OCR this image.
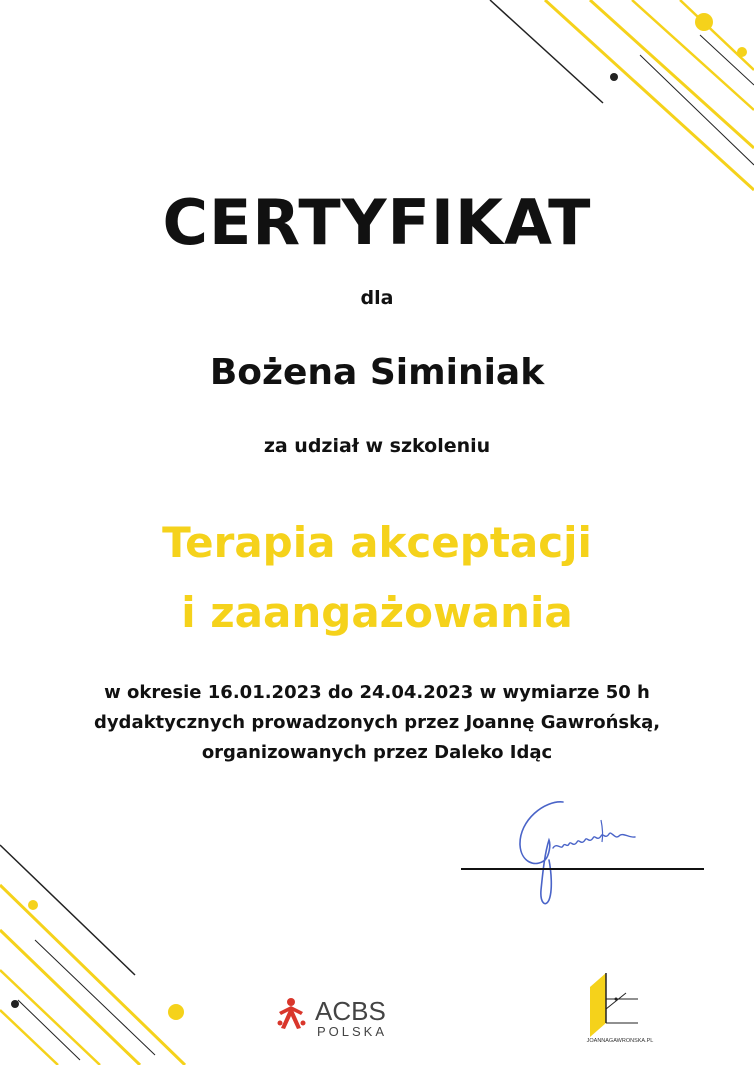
CERTYFIKAT
dla
Bożena Siminiak
za udział w szkoleniu
Terapia akceptacji
i zaangażowania
w okresie 16.01.2023 do 24.04.2023 w wymiarze 50 h
dydaktycznych prowadzonych przez Joannę Gawrońską,
organizowanych przez Daleko Idąc
ACBS
POLSKA
JOANNAGAWRONSKA.PL
